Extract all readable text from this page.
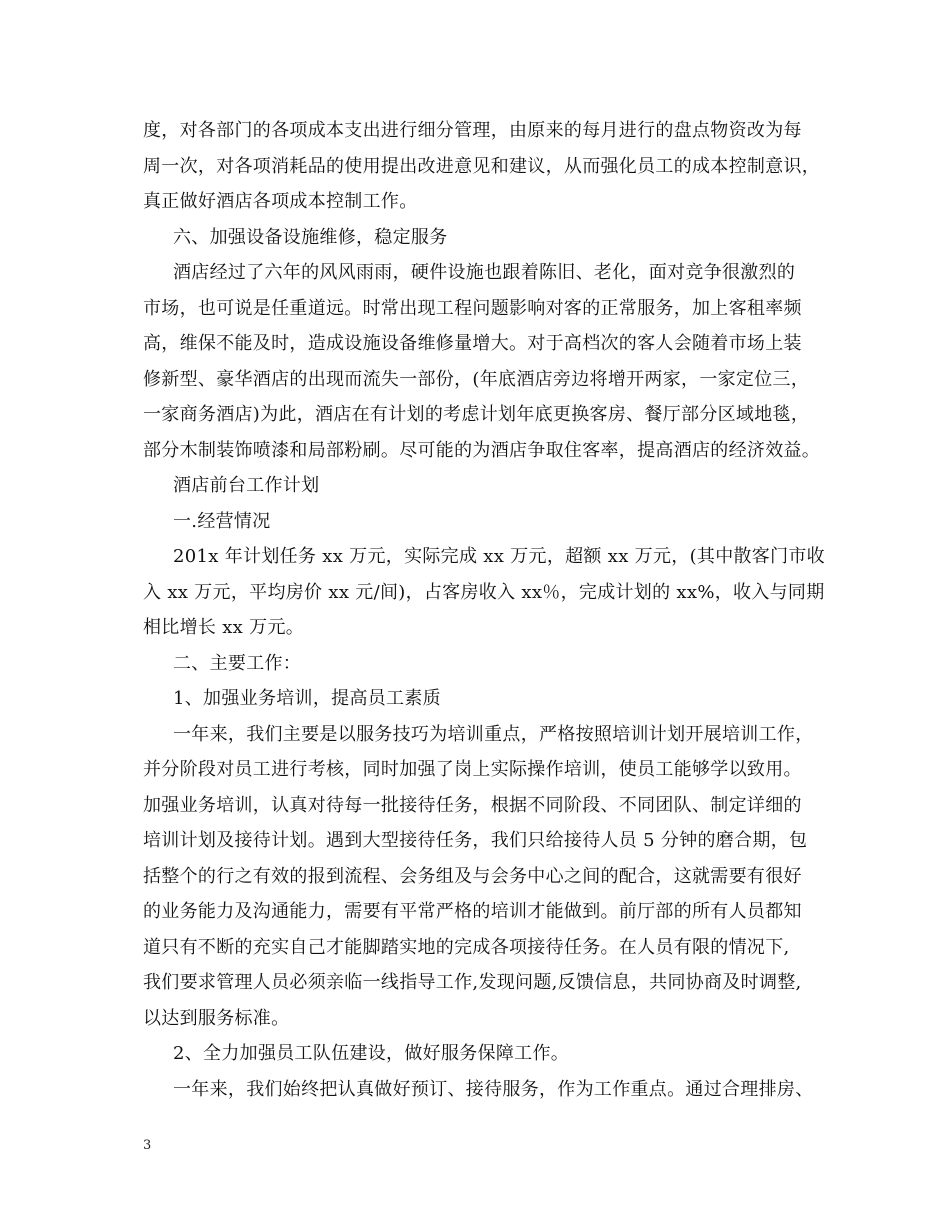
度，对各部门的各项成本支出进行细分管理，由原来的每月进行的盘点物资改为每
周一次，对各项消耗品的使用提出改进意见和建议，从而强化员工的成本控制意识，
真正做好酒店各项成本控制工作。
六、加强设备设施维修，稳定服务
酒店经过了六年的风风雨雨，硬件设施也跟着陈旧、老化，面对竞争很激烈的
市场，也可说是任重道远。时常出现工程问题影响对客的正常服务，加上客租率频
高，维保不能及时，造成设施设备维修量增大。对于高档次的客人会随着市场上装
修新型、豪华酒店的出现而流失一部份，(年底酒店旁边将增开两家，一家定位三，
一家商务酒店)为此，酒店在有计划的考虑计划年底更换客房、餐厅部分区域地毯，
部分木制装饰喷漆和局部粉刷。尽可能的为酒店争取住客率，提高酒店的经济效益。
酒店前台工作计划
一.经营情况
201x 年计划任务 xx 万元，实际完成 xx 万元，超额 xx 万元，(其中散客门市收
入 xx 万元，平均房价 xx 元/间)，占客房收入 xx％，完成计划的 xx%，收入与同期
相比增长 xx 万元。
二、主要工作：
1、加强业务培训，提高员工素质
一年来，我们主要是以服务技巧为培训重点，严格按照培训计划开展培训工作，
并分阶段对员工进行考核，同时加强了岗上实际操作培训，使员工能够学以致用。
加强业务培训，认真对待每一批接待任务，根据不同阶段、不同团队、制定详细的
培训计划及接待计划。遇到大型接待任务，我们只给接待人员 5 分钟的磨合期，包
括整个的行之有效的报到流程、会务组及与会务中心之间的配合，这就需要有很好
的业务能力及沟通能力，需要有平常严格的培训才能做到。前厅部的所有人员都知
道只有不断的充实自己才能脚踏实地的完成各项接待任务。在人员有限的情况下,
我们要求管理人员必须亲临一线指导工作,发现问题,反馈信息，共同协商及时调整,
以达到服务标准。
2、全力加强员工队伍建设，做好服务保障工作。
一年来，我们始终把认真做好预订、接待服务，作为工作重点。通过合理排房、
3
